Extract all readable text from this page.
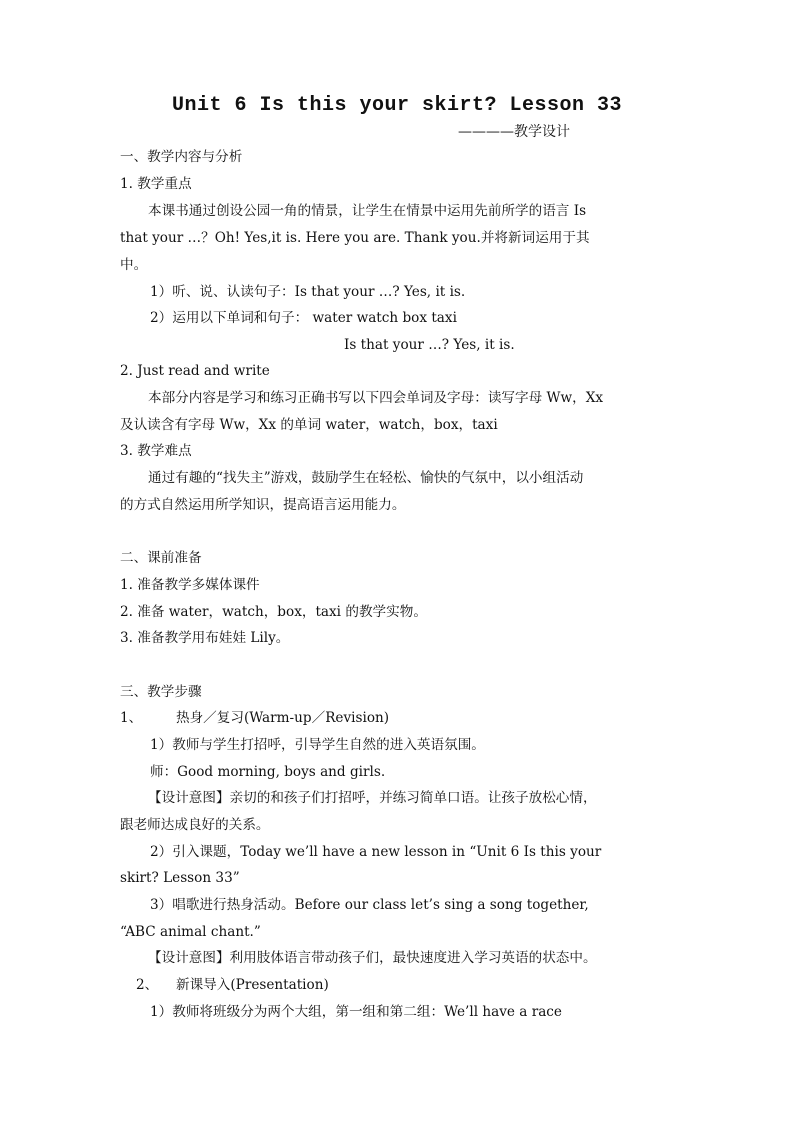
Unit 6 Is this your skirt? Lesson 33
————教学设计
一、教学内容与分析
1. 教学重点
本课书通过创设公园一角的情景，让学生在情景中运用先前所学的语言 Is
that your …？Oh! Yes,it is. Here you are. Thank you.并将新词运用于其
中。
1）听、说、认读句子：Is that your …? Yes, it is.
2）运用以下单词和句子： water watch box taxi
Is that your …? Yes, it is.
2. Just read and write
本部分内容是学习和练习正确书写以下四会单词及字母：读写字母 Ww，Xx
及认读含有字母 Ww，Xx 的单词 water，watch，box，taxi
3. 教学难点
通过有趣的“找失主”游戏，鼓励学生在轻松、愉快的气氛中，以小组活动
的方式自然运用所学知识，提高语言运用能力。
二、课前准备
1. 准备教学多媒体课件
2. 准备 water，watch，box，taxi 的教学实物。
3. 准备教学用布娃娃 Lily。
三、教学步骤
1、 热身／复习(Warm-up／Revision)
1）教师与学生打招呼，引导学生自然的进入英语氛围。
师：Good morning, boys and girls.
【设计意图】亲切的和孩子们打招呼，并练习简单口语。让孩子放松心情，
跟老师达成良好的关系。
2）引入课题，Today we’ll have a new lesson in “Unit 6 Is this your
skirt? Lesson 33”
3）唱歌进行热身活动。Before our class let’s sing a song together,
“ABC animal chant.”
【设计意图】利用肢体语言带动孩子们，最快速度进入学习英语的状态中。
2、 新课导入(Presentation)
1）教师将班级分为两个大组，第一组和第二组：We’ll have a race
